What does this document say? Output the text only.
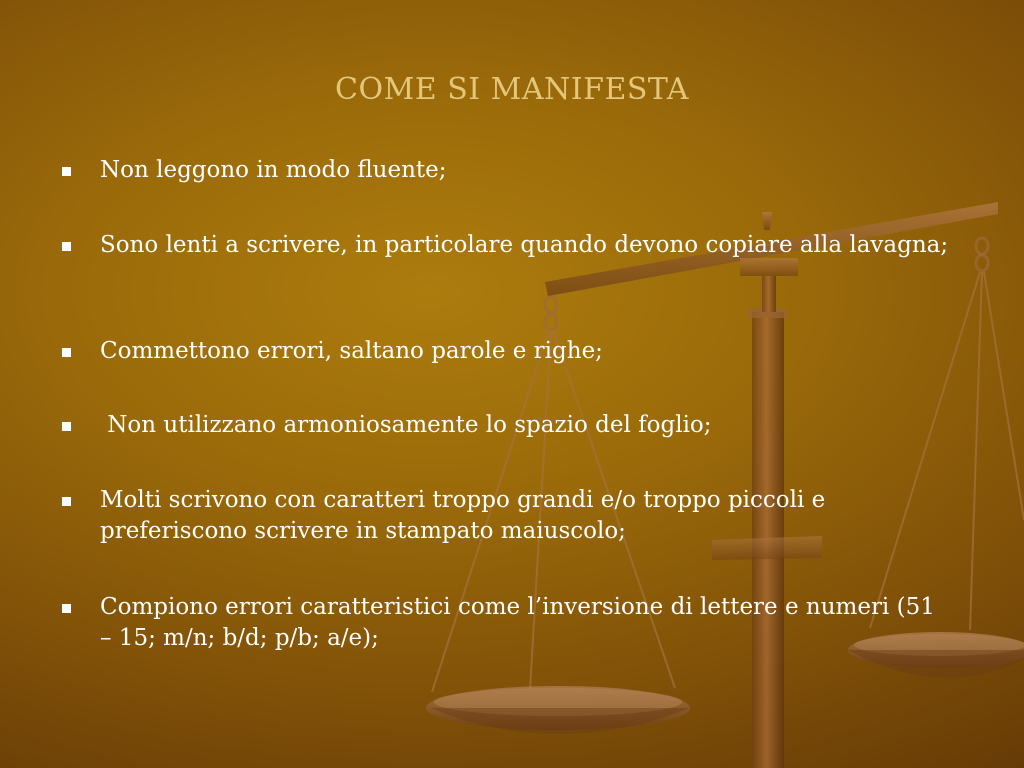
COME SI MANIFESTA
Non leggono in modo fluente;
Sono lenti a scrivere, in particolare quando devono copiare alla lavagna;
Commettono errori, saltano parole e righe;
Non utilizzano armoniosamente lo spazio del foglio;
Molti scrivono con caratteri troppo grandi e/o troppo piccoli e preferiscono scrivere in stampato maiuscolo;
Compiono errori caratteristici come l’inversione di lettere e numeri (51 – 15; m/n; b/d; p/b; a/e);
